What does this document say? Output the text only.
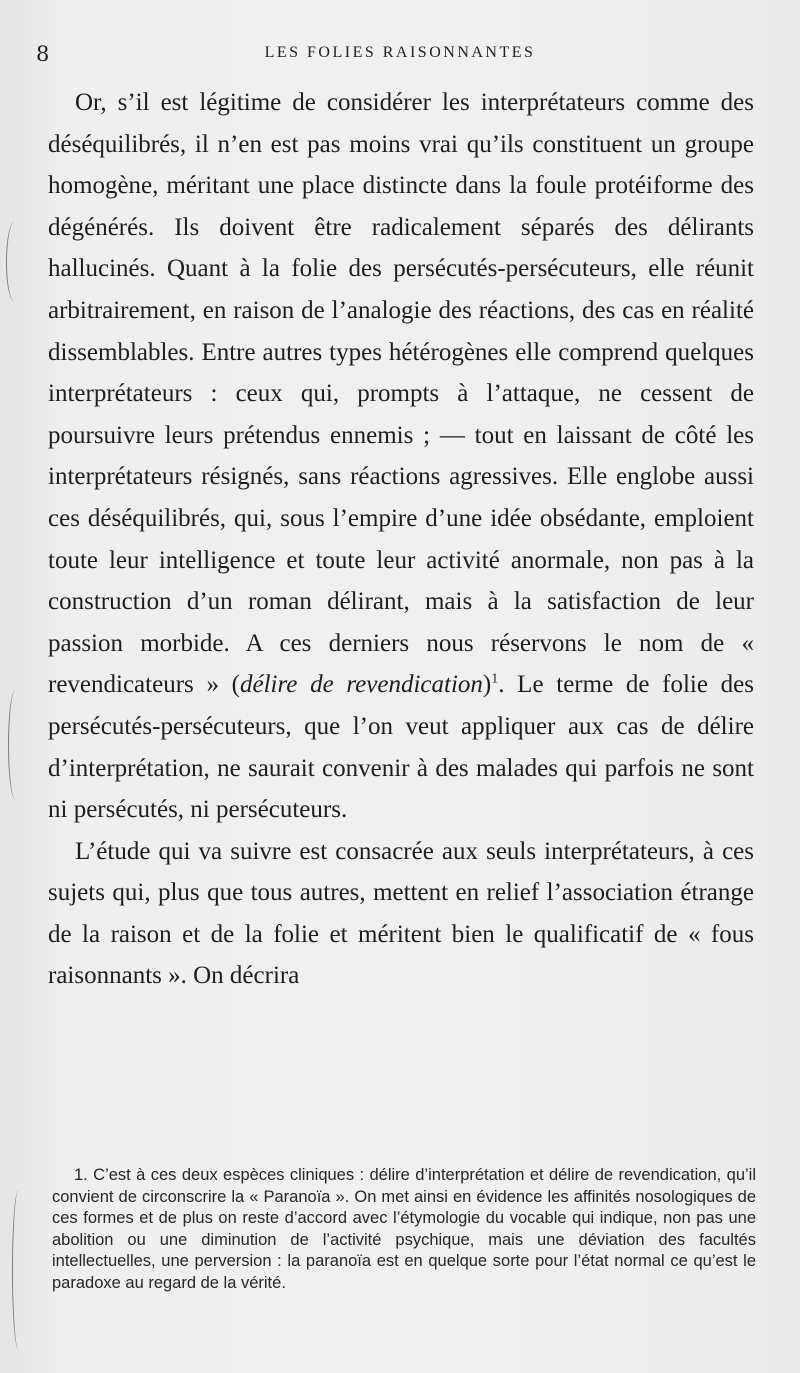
8	LES FOLIES RAISONNANTES

Or, s’il est légitime de considérer les interprétateurs comme des déséquilibrés, il n’en est pas moins vrai qu’ils constituent un groupe homogène, méritant une place distincte dans la foule protéiforme des dégénérés. Ils doivent être radicalement séparés des délirants hallucinés. Quant à la folie des persécutés-persécuteurs, elle réunit arbitrairement, en raison de l’analogie des réactions, des cas en réalité dissemblables. Entre autres types hétérogènes elle comprend quelques interprétateurs : ceux qui, prompts à l’attaque, ne cessent de poursuivre leurs prétendus ennemis ; — tout en laissant de côté les interprétateurs résignés, sans réactions agressives. Elle englobe aussi ces déséquilibrés, qui, sous l’empire d’une idée obsédante, emploient toute leur intelligence et toute leur activité anormale, non pas à la construction d’un roman délirant, mais à la satisfaction de leur passion morbide. A ces derniers nous réservons le nom de « revendicateurs » (délire de revendication)$^1$. Le terme de folie des persécutés-persécuteurs, que l’on veut appliquer aux cas de délire d’interprétation, ne saurait convenir à des malades qui parfois ne sont ni persécutés, ni persécuteurs.

L’étude qui va suivre est consacrée aux seuls interprétateurs, à ces sujets qui, plus que tous autres, mettent en relief l’association étrange de la raison et de la folie et méritent bien le qualificatif de « fous raisonnants ». On décrira

1. C’est à ces deux espèces cliniques : délire d’interprétation et délire de revendication, qu’il convient de circonscrire la « Paranoïa ». On met ainsi en évidence les affinités nosologiques de ces formes et de plus on reste d’accord avec l’étymologie du vocable qui indique, non pas une abolition ou une diminution de l’activité psychique, mais une déviation des facultés intellectuelles, une perversion : la paranoïa est en quelque sorte pour l’état normal ce qu’est le paradoxe au regard de la vérité.
